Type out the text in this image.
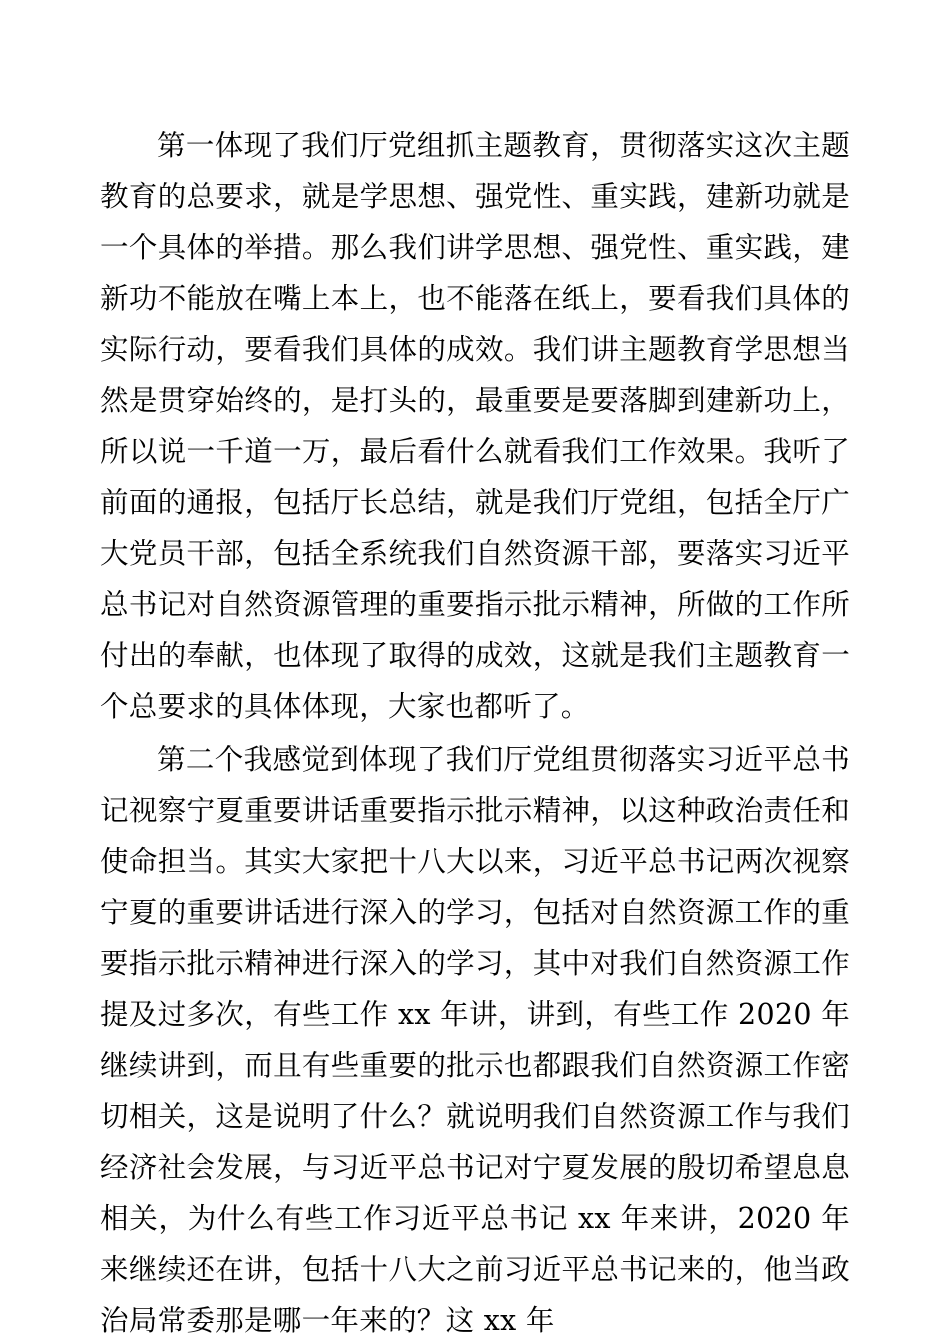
第一体现了我们厅党组抓主题教育，贯彻落实这次主题教育的总要求，就是学思想、强党性、重实践，建新功就是一个具体的举措。那么我们讲学思想、强党性、重实践，建新功不能放在嘴上本上，也不能落在纸上，要看我们具体的实际行动，要看我们具体的成效。我们讲主题教育学思想当然是贯穿始终的，是打头的，最重要是要落脚到建新功上，所以说一千道一万，最后看什么就看我们工作效果。我听了前面的通报，包括厅长总结，就是我们厅党组，包括全厅广大党员干部，包括全系统我们自然资源干部，要落实习近平总书记对自然资源管理的重要指示批示精神，所做的工作所付出的奉献，也体现了取得的成效，这就是我们主题教育一个总要求的具体体现，大家也都听了。

第二个我感觉到体现了我们厅党组贯彻落实习近平总书记视察宁夏重要讲话重要指示批示精神，以这种政治责任和使命担当。其实大家把十八大以来，习近平总书记两次视察宁夏的重要讲话进行深入的学习，包括对自然资源工作的重要指示批示精神进行深入的学习，其中对我们自然资源工作提及过多次，有些工作 xx 年讲，讲到，有些工作 2020 年继续讲到，而且有些重要的批示也都跟我们自然资源工作密切相关，这是说明了什么？就说明我们自然资源工作与我们经济社会发展，与习近平总书记对宁夏发展的殷切希望息息相关，为什么有些工作习近平总书记 xx 年来讲，2020 年来继续还在讲，包括十八大之前习近平总书记来的，他当政治局常委那是哪一年来的？这 xx 年
